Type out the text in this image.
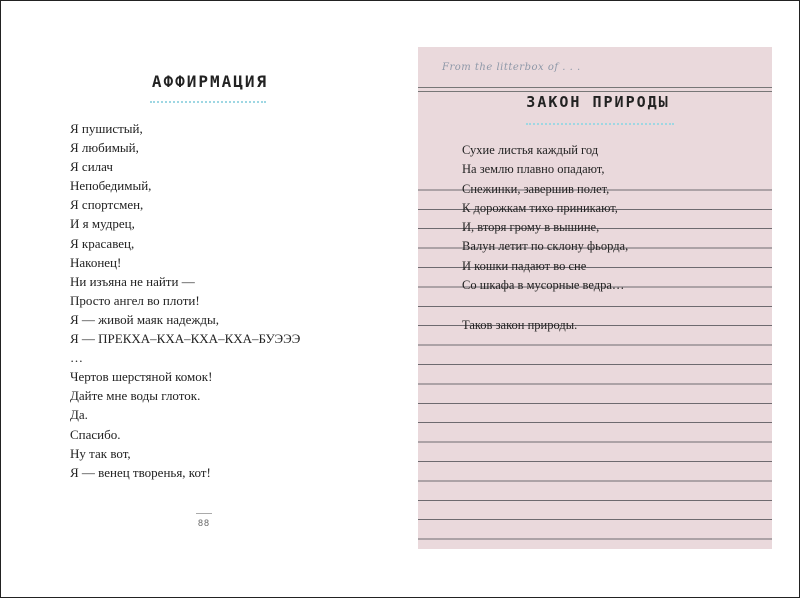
АФФИРМАЦИЯ
Я пушистый,
Я любимый,
Я силач
Непобедимый,
Я спортсмен,
И я мудрец,
Я красавец,
Наконец!
Ни изъяна не найти —
Просто ангел во плоти!
Я — живой маяк надежды,
Я — ПРЕКХА–КХА–КХА–КХА–БУЭЭЭ
…
Чертов шерстяной комок!
Дайте мне воды глоток.
Да.
Спасибо.
Ну так вот,
Я — венец творенья, кот!
88
From the litterbox of . . .
ЗАКОН ПРИРОДЫ
Сухие листья каждый год
На землю плавно опадают,
Снежинки, завершив полет,
К дорожкам тихо приникают,
И, вторя грому в вышине,
Валун летит по склону фьорда,
И кошки падают во сне
Со шкафа в мусорные ведра…
Таков закон природы.
